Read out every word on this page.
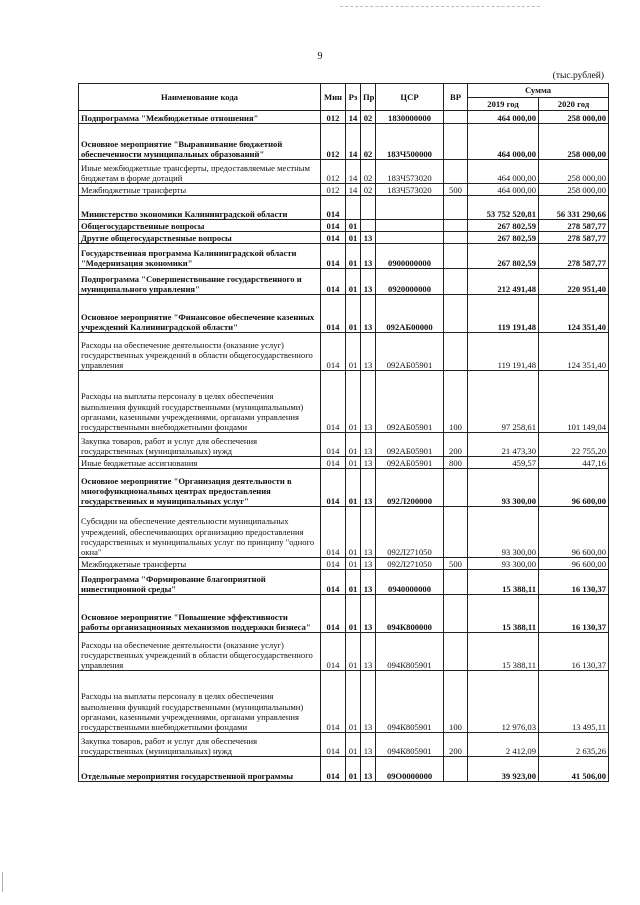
9
(тыс.рублей)
Наименование кода	Мин	Рз	Пр	ЦСР	ВР	Сумма	
						2019 год	2020 год
Подпрограмма "Межбюджетные отношения"	012	14	02	1830000000		464 000,00	258 000,00
Основное мероприятие "Выравнивание бюджетной обеспеченности муниципальных образований"	012	14	02	183Ч500000		464 000,00	258 000,00
Иные межбюджетные трансферты, предоставляемые местным бюджетам в форме дотаций	012	14	02	183Ч573020		464 000,00	258 000,00
Межбюджетные трансферты	012	14	02	183Ч573020	500	464 000,00	258 000,00
Министерство экономики Калининградской области	014					53 752 520,81	56 331 290,66
Общегосударственные вопросы	014	01				267 802,59	278 587,77
Другие общегосударственные вопросы	014	01	13			267 802,59	278 587,77
Государственная программа Калининградской области "Модернизация экономики"	014	01	13	0900000000		267 802,59	278 587,77
Подпрограмма "Совершенствование государственного и муниципального управления"	014	01	13	0920000000		212 491,48	220 951,40
Основное мероприятие "Финансовое обеспечение казенных учреждений Калининградской области"	014	01	13	092АБ00000		119 191,48	124 351,40
Расходы на обеспечение деятельности (оказание услуг) государственных учреждений в области общегосударственного управления	014	01	13	092АБ05901		119 191,48	124 351,40
Расходы на выплаты персоналу в целях обеспечения выполнения функций государственными (муниципальными) органами, казенными учреждениями, органами управления государственными внебюджетными фондами	014	01	13	092АБ05901	100	97 258,61	101 149,04
Закупка товаров, работ и услуг для обеспечения государственных (муниципальных) нужд	014	01	13	092АБ05901	200	21 473,30	22 755,20
Иные бюджетные ассигнования	014	01	13	092АБ05901	800	459,57	447,16
Основное мероприятие "Организация деятельности в многофункциональных центрах предоставления государственных и муниципальных услуг"	014	01	13	092Л200000		93 300,00	96 600,00
Субсидии на обеспечение деятельности муниципальных учреждений, обеспечивающих организацию предоставления государственных и муниципальных услуг по принципу "одного окна"	014	01	13	092Л271050		93 300,00	96 600,00
Межбюджетные трансферты	014	01	13	092Л271050	500	93 300,00	96 600,00
Подпрограмма "Формирование благоприятной инвестиционной среды"	014	01	13	0940000000		15 388,11	16 130,37
Основное мероприятие "Повышение эффективности работы организационных механизмов поддержки бизнеса"	014	01	13	094К800000		15 388,11	16 130,37
Расходы на обеспечение деятельности (оказание услуг) государственных учреждений в области общегосударственного управления	014	01	13	094К805901		15 388,11	16 130,37
Расходы на выплаты персоналу в целях обеспечения выполнения функций государственными (муниципальными) органами, казенными учреждениями, органами управления государственными внебюджетными фондами	014	01	13	094К805901	100	12 976,03	13 495,11
Закупка товаров, работ и услуг для обеспечения государственных (муниципальных) нужд	014	01	13	094К805901	200	2 412,09	2 635,26
Отдельные мероприятия государственной программы	014	01	13	09О0000000		39 923,00	41 506,00
